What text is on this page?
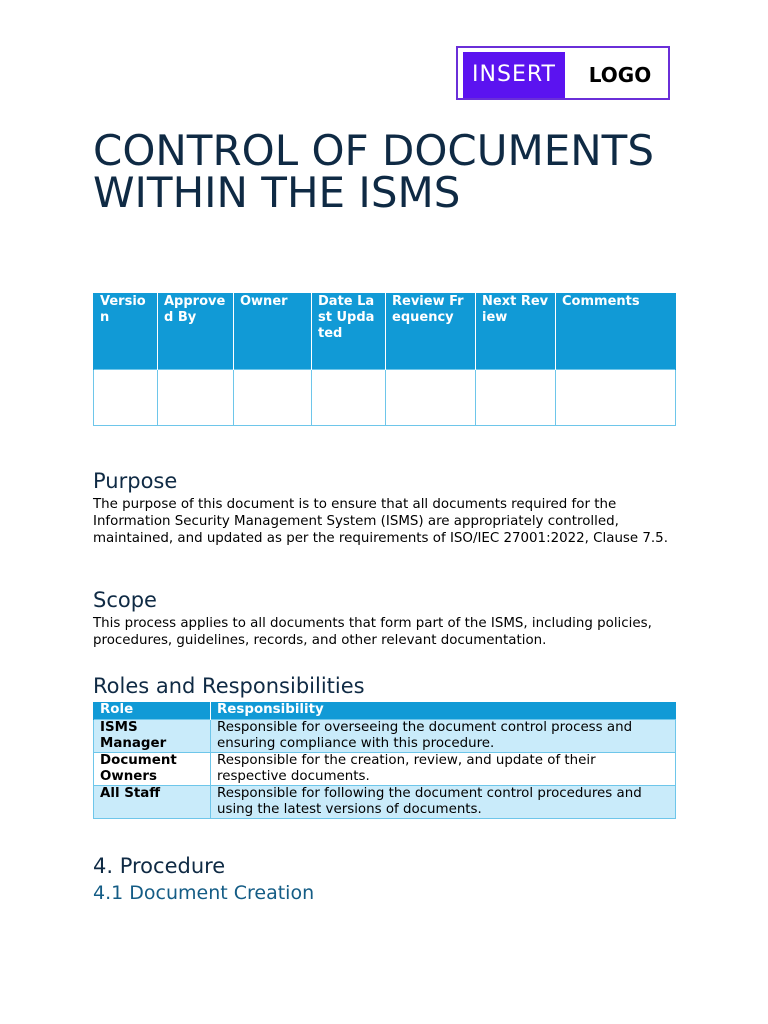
INSERT	LOGO
CONTROL OF DOCUMENTS WITHIN THE ISMS
Version	Approved By	Owner	Date Last Updated	Review Frequency	Next Review	Comments

Purpose

The purpose of this document is to ensure that all documents required for the Information Security Management System (ISMS) are appropriately controlled, maintained, and updated as per the requirements of ISO/IEC 27001:2022, Clause 7.5.

Scope

This process applies to all documents that form part of the ISMS, including policies, procedures, guidelines, records, and other relevant documentation.

Roles and Responsibilities
Role	Responsibility
ISMS Manager	Responsible for overseeing the document control process and ensuring compliance with this procedure.
Document Owners	Responsible for the creation, review, and update of their respective documents.
All Staff	Responsible for following the document control procedures and using the latest versions of documents.
4. Procedure
4.1 Document Creation
